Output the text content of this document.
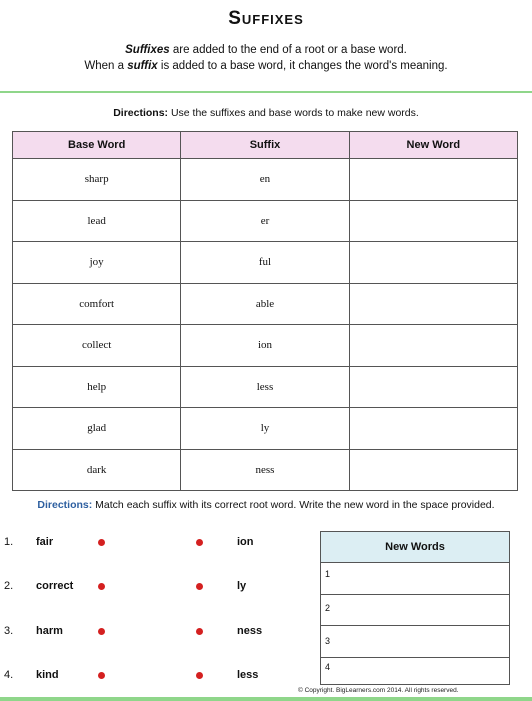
Suffixes
Suffixes are added to the end of a root or a base word.
When a suffix is added to a base word, it changes the word's meaning.
Directions: Use the suffixes and base words to make new words.
Base Word	Suffix	New Word
sharp	en	
lead	er	
joy	ful	
comfort	able	
collect	ion	
help	less	
glad	ly	
dark	ness	
Directions: Match each suffix with its correct root word. Write the new word in the space provided.
1. fair	ion
2. correct	ly
3. harm	ness
4. kind	less
New Words
1
2
3
4
© Copyright. BigLearners.com 2014. All rights reserved.
